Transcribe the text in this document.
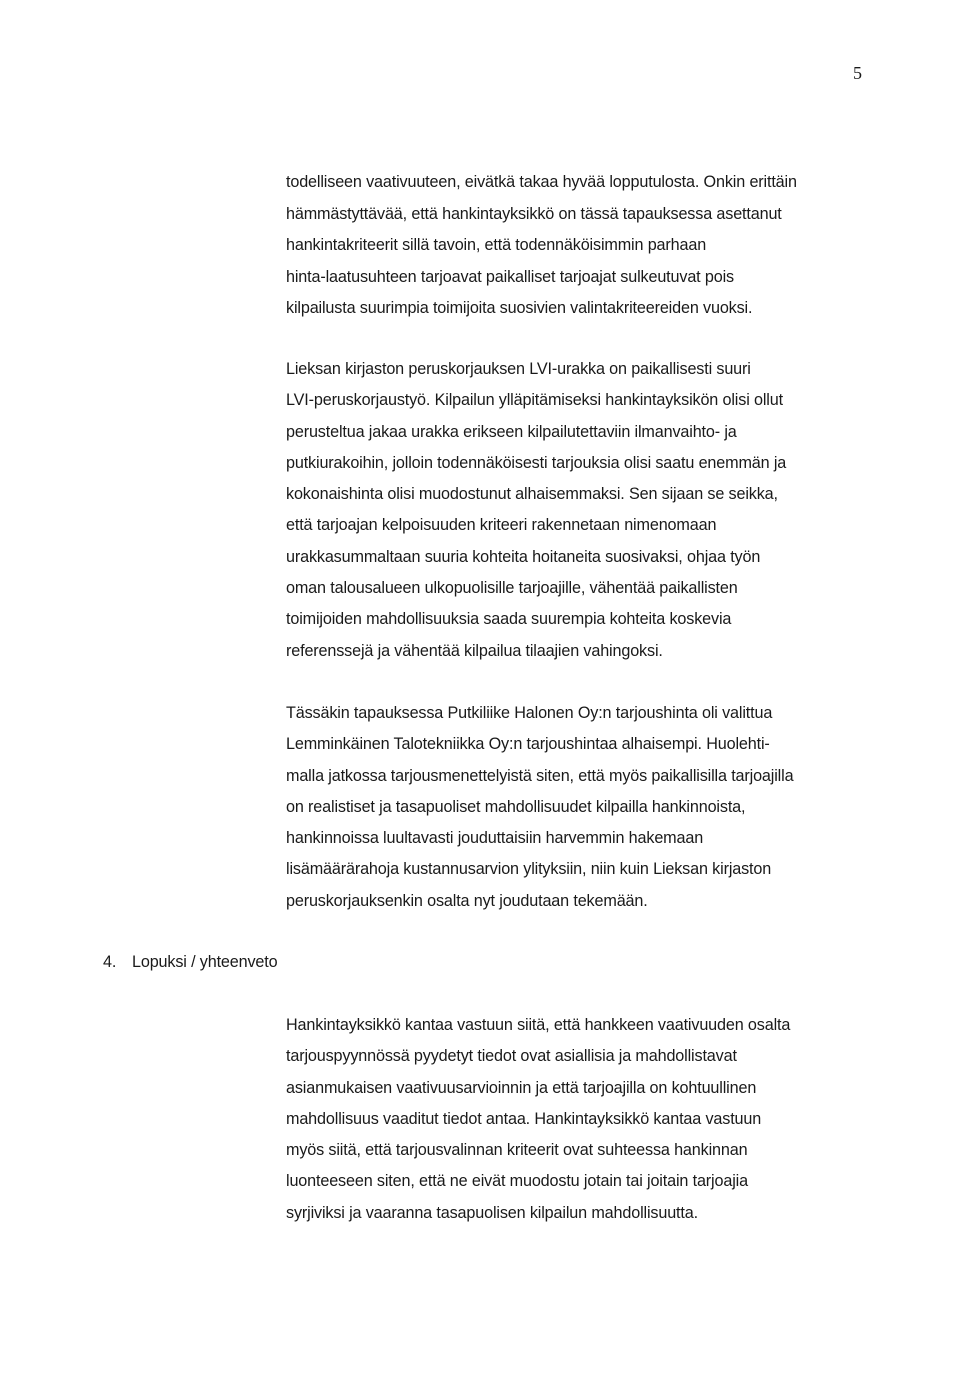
5
todelliseen vaativuuteen, eivätkä takaa hyvää lopputulosta. Onkin erittäin
hämmästyttävää, että hankintayksikkö on tässä tapauksessa asettanut
hankintakriteerit sillä tavoin, että todennäköisimmin parhaan
hinta-laatusuhteen tarjoavat paikalliset tarjoajat sulkeutuvat pois
kilpailusta suurimpia toimijoita suosivien valintakriteereiden vuoksi.
Lieksan kirjaston peruskorjauksen LVI-urakka on paikallisesti suuri
LVI-peruskorjaustyö. Kilpailun ylläpitämiseksi hankintayksikön olisi ollut
perusteltua jakaa urakka erikseen kilpailutettaviin ilmanvaihto- ja
putkiurakoihin, jolloin todennäköisesti tarjouksia olisi saatu enemmän ja
kokonaishinta olisi muodostunut alhaisemmaksi. Sen sijaan se seikka,
että tarjoajan kelpoisuuden kriteeri rakennetaan nimenomaan
urakkasummaltaan suuria kohteita hoitaneita suosivaksi, ohjaa työn
oman talousalueen ulkopuolisille tarjoajille, vähentää paikallisten
toimijoiden mahdollisuuksia saada suurempia kohteita koskevia
referenssejä ja vähentää kilpailua tilaajien vahingoksi.
Tässäkin tapauksessa Putkiliike Halonen Oy:n tarjoushinta oli valittua
Lemminkäinen Talotekniikka Oy:n tarjoushintaa alhaisempi. Huolehti-
malla jatkossa tarjousmenettelyistä siten, että myös paikallisilla tarjoajilla
on realistiset ja tasapuoliset mahdollisuudet kilpailla hankinnoista,
hankinnoissa luultavasti jouduttaisiin harvemmin hakemaan
lisämäärärahoja kustannusarvion ylityksiin, niin kuin Lieksan kirjaston
peruskorjauksenkin osalta nyt joudutaan tekemään.
4. Lopuksi / yhteenveto
Hankintayksikkö kantaa vastuun siitä, että hankkeen vaativuuden osalta
tarjouspyynnössä pyydetyt tiedot ovat asiallisia ja mahdollistavat
asianmukaisen vaativuusarvioinnin ja että tarjoajilla on kohtuullinen
mahdollisuus vaaditut tiedot antaa. Hankintayksikkö kantaa vastuun
myös siitä, että tarjousvalinnan kriteerit ovat suhteessa hankinnan
luonteeseen siten, että ne eivät muodostu jotain tai joitain tarjoajia
syrjiviksi ja vaaranna tasapuolisen kilpailun mahdollisuutta.
